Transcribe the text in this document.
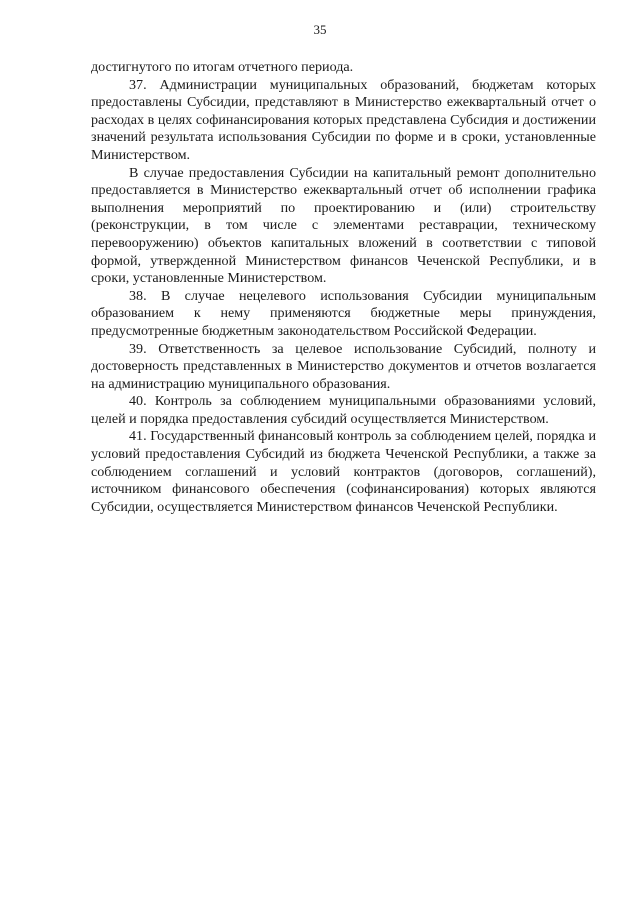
35

достигнутого по итогам отчетного периода.

37. Администрации муниципальных образований, бюджетам которых предоставлены Субсидии, представляют в Министерство ежеквартальный отчет о расходах в целях софинансирования которых представлена Субсидия и достижении значений результата использования Субсидии по форме и в сроки, установленные Министерством.

В случае предоставления Субсидии на капитальный ремонт дополнительно предоставляется в Министерство ежеквартальный отчет об исполнении графика выполнения мероприятий по проектированию и (или) строительству (реконструкции, в том числе с элементами реставрации, техническому перевооружению) объектов капитальных вложений в соответствии с типовой формой, утвержденной Министерством финансов Чеченской Республики, и в сроки, установленные Министерством.

38. В случае нецелевого использования Субсидии муниципальным образованием к нему применяются бюджетные меры принуждения, предусмотренные бюджетным законодательством Российской Федерации.

39. Ответственность за целевое использование Субсидий, полноту и достоверность представленных в Министерство документов и отчетов возлагается на администрацию муниципального образования.

40. Контроль за соблюдением муниципальными образованиями условий, целей и порядка предоставления субсидий осуществляется Министерством.

41. Государственный финансовый контроль за соблюдением целей, порядка и условий предоставления Субсидий из бюджета Чеченской Республики, а также за соблюдением соглашений и условий контрактов (договоров, соглашений), источником финансового обеспечения (софинансирования) которых являются Субсидии, осуществляется Министерством финансов Чеченской Республики.
